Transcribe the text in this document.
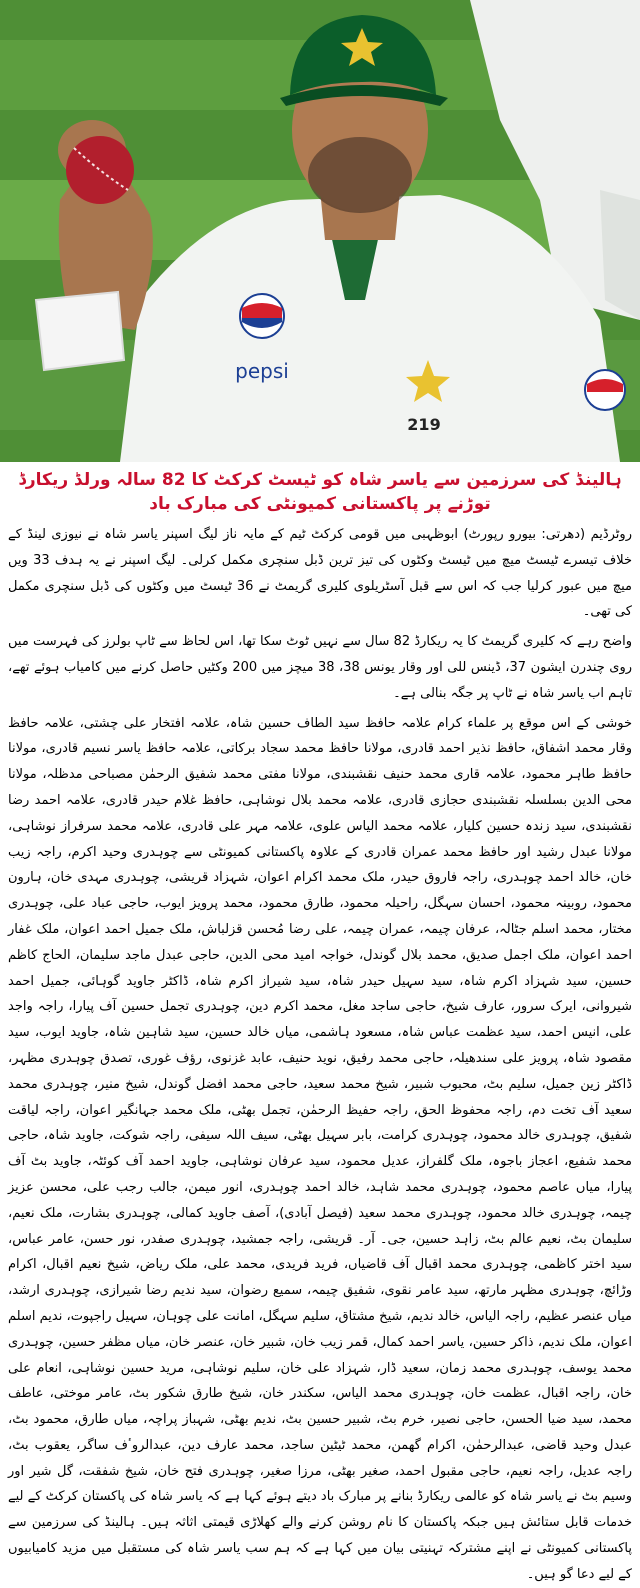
pepsi
219
ہالینڈ کی سرزمین سے یاسر شاہ کو ٹیسٹ کرکٹ کا 82 سالہ ورلڈ ریکارڈ توڑنے پر پاکستانی کمیونٹی کی مبارک باد

روٹرڈیم (دھرتی: بیورو رپورٹ) ابوظہبی میں قومی کرکٹ ٹیم کے مایہ ناز لیگ اسپنر یاسر شاہ نے نیوزی لینڈ کے خلاف تیسرے ٹیسٹ میچ میں ٹیسٹ وکٹوں کی تیز ترین ڈبل سنچری مکمل کرلی۔ لیگ اسپنر نے یہ ہدف 33 ویں میچ میں عبور کرلیا جب کہ اس سے قبل آسٹریلوی کلیری گریمٹ نے 36 ٹیسٹ میں وکٹوں کی ڈبل سنچری مکمل کی تھی۔

واضح رہے کہ کلیری گریمٹ کا یہ ریکارڈ 82 سال سے نہیں ٹوٹ سکا تھا، اس لحاظ سے ٹاپ بولرز کی فہرست میں روی چندرن ایشون 37، ڈینس للی اور وقار یونس 38، 38 میچز میں 200 وکٹیں حاصل کرنے میں کامیاب ہوئے تھے، تاہم اب یاسر شاہ نے ٹاپ پر جگہ بنالی ہے۔

خوشی کے اس موقع پر علماء کرام علامہ حافظ سید الطاف حسین شاہ، علامہ افتخار علی چشتی، علامہ حافظ وقار محمد اشفاق، حافظ نذیر احمد قادری، مولانا حافظ محمد سجاد برکاتی، علامہ حافظ یاسر نسیم قادری، مولانا حافظ طاہر محمود، علامہ قاری محمد حنیف نقشبندی، مولانا مفتی محمد شفیق الرحمٰن مصباحی مدظلہ، مولانا محی الدین بسلسلہ نقشبندی حجازی قادری، علامہ محمد بلال نوشاہی، حافظ غلام حیدر قادری، علامہ احمد رضا نقشبندی، سید زندہ حسین کلیار، علامہ محمد الیاس علوی، علامہ مہر علی قادری، علامہ محمد سرفراز نوشاہی، مولانا عبدل رشید اور حافظ محمد عمران قادری کے علاوہ پاکستانی کمیونٹی سے چوہدری وحید اکرم، راجہ زیب خان، خالد احمد چوہدری، راجہ فاروق حیدر، ملک محمد اکرام اعوان، شہزاد قریشی، چوہدری مہدی خان، ہارون محمود، روبینہ محمود، احسان سہگل، راحیلہ محمود، طارق محمود، محمد پرویز ایوب، حاجی عباد علی، چوہدری مختار، محمد اسلم جٹالہ، عرفان چیمہ، عمران چیمہ، علی رضا مُحسن قزلباش، ملک جمیل احمد اعوان، ملک غفار احمد اعوان، ملک اجمل صدیق، محمد بلال گوندل، خواجہ امید محی الدین، حاجی عبدل ماجد سلیمان، الحاج کاظم حسین، سید شہزاد اکرم شاہ، سید سہیل حیدر شاہ، سید شیراز اکرم شاہ، ڈاکٹر جاوید گوہائی، جمیل احمد شیروانی، ایرک سرور، عارف شیخ، حاجی ساجد مغل، محمد اکرم دین، چوہدری تجمل حسین آف پیارا، راجہ واجد علی، انیس احمد، سید عظمت عباس شاہ، مسعود ہاشمی، میاں خالد حسین، سید شاہین شاہ، جاوید ایوب، سید مقصود شاہ، پرویز علی سندھیلہ، حاجی محمد رفیق، نوید حنیف، عابد غزنوی، رؤف غوری، تصدق چوہدری مظہر، ڈاکٹر زین جمیل، سلیم بٹ، محبوب شبیر، شیخ محمد سعید، حاجی محمد افضل گوندل، شیخ منیر، چوہدری محمد سعید آف تخت دم، راجہ محفوظ الحق، راجہ حفیظ الرحمٰن، تجمل بھٹی، ملک محمد جہانگیر اعوان، راجہ لیاقت شفیق، چوہدری خالد محمود، چوہدری کرامت، بابر سہیل بھٹی، سیف اللہ سیفی، راجہ شوکت، جاوید شاہ، حاجی محمد شفیع، اعجاز باجوہ، ملک گلفراز، عدیل محمود، سید عرفان نوشاہی، جاوید احمد آف کوئٹہ، جاوید بٹ آف پیارا، میاں عاصم محمود، چوہدری محمد شاہد، خالد احمد چوہدری، انور میمن، جالب رجب علی، محسن عزیز چیمہ، چوہدری خالد محمود، چوہدری محمد سعید (فیصل آبادی)، آصف جاوید کمالی، چوہدری بشارت، ملک نعیم، سلیمان بٹ، نعیم عالم بٹ، زاہد حسین، جی۔ آر۔ قریشی، راجہ جمشید، چوہدری صفدر، نور حسن، عامر عباس، سید اختر کاظمی، چوہدری محمد اقبال آف قاضیاں، فرید فریدی، محمد علی، ملک ریاض، شیخ نعیم اقبال، اکرام وڑائچ، چوہدری مظہر مارتھ، سید عامر نقوی، شفیق چیمہ، سمیع رضوان، سید ندیم رضا شیرازی، چوہدری ارشد، میاں عنصر عظیم، راجہ الیاس، خالد ندیم، شیخ مشتاق، سلیم سہگل، امانت علی چوہان، سہیل راجپوت، ندیم اسلم اعوان، ملک ندیم، ذاکر حسین، یاسر احمد کمال، قمر زیب خان، شبیر خان، عنصر خان، میاں مظفر حسین، چوہدری محمد یوسف، چوہدری محمد زمان، سعید ڈار، شہزاد علی خان، سلیم نوشاہی، مرید حسین نوشاہی، انعام علی خان، راجہ اقبال، عظمت خان، چوہدری محمد الیاس، سکندر خان، شیخ طارق شکور بٹ، عامر موختی، عاطف محمد، سید ضیا الحسن، حاجی نصیر، خرم بٹ، شبیر حسین بٹ، ندیم بھٹی، شہباز پراچہ، میاں طارق، محمود بٹ، عبدل وحید قاضی، عبدالرحمٰن، اکرام گھمن، محمد ٹیٹین ساجد، محمد عارف دین، عبدالروٴف ساگر، یعقوب بٹ، راجہ عدیل، راجہ نعیم، حاجی مقبول احمد، صغیر بھٹی، مرزا صغیر، چوہدری فتح خان، شیخ شفقت، گل شیر اور وسیم بٹ نے یاسر شاہ کو عالمی ریکارڈ بنانے پر مبارک باد دیتے ہوئے کہا ہے کہ یاسر شاہ کی پاکستان کرکٹ کے لیے خدمات قابل ستائش ہیں جبکہ پاکستان کا نام روشن کرنے والے کھلاڑی قیمتی اثاثہ ہیں۔ ہالینڈ کی سرزمین سے پاکستانی کمیونٹی نے اپنے مشترکہ تہنیتی بیان میں کہا ہے کہ ہم سب یاسر شاہ کی مستقبل میں مزید کامیابیوں کے لیے دعا گو ہیں۔
